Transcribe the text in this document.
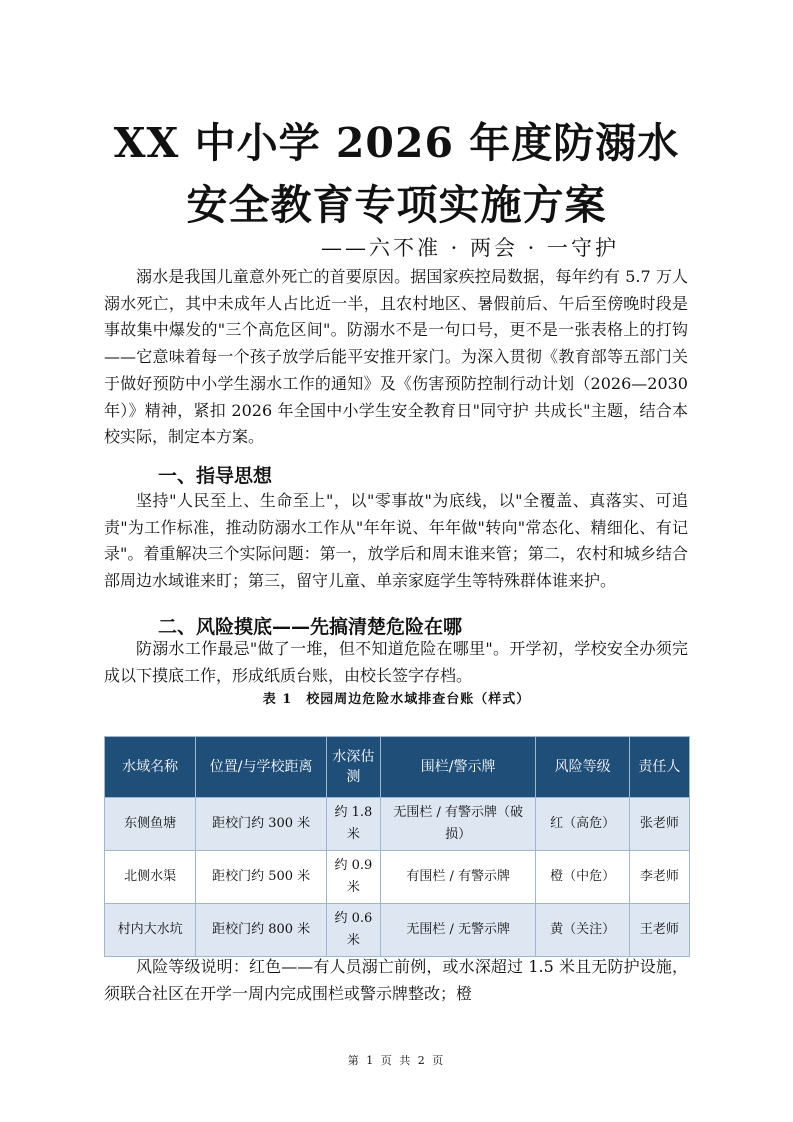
XX 中小学 2026 年度防溺水
安全教育专项实施方案
——六不准 · 两会 · 一守护

溺水是我国儿童意外死亡的首要原因。据国家疾控局数据，每年约有 5.7 万人溺水死亡，其中未成年人占比近一半，且农村地区、暑假前后、午后至傍晚时段是事故集中爆发的"三个高危区间"。防溺水不是一句口号，更不是一张表格上的打钩——它意味着每一个孩子放学后能平安推开家门。为深入贯彻《教育部等五部门关于做好预防中小学生溺水工作的通知》及《伤害预防控制行动计划（2026—2030年）》精神，紧扣 2026 年全国中小学生安全教育日"同守护 共成长"主题，结合本校实际，制定本方案。

一、指导思想

坚持"人民至上、生命至上"，以"零事故"为底线，以"全覆盖、真落实、可追责"为工作标准，推动防溺水工作从"年年说、年年做"转向"常态化、精细化、有记录"。着重解决三个实际问题：第一，放学后和周末谁来管；第二，农村和城乡结合部周边水域谁来盯；第三，留守儿童、单亲家庭学生等特殊群体谁来护。

二、风险摸底——先搞清楚危险在哪

防溺水工作最忌"做了一堆，但不知道危险在哪里"。开学初，学校安全办须完成以下摸底工作，形成纸质台账，由校长签字存档。

表 1　校园周边危险水域排查台账（样式）
水域名称	位置/与学校距离	水深估测	围栏/警示牌	风险等级	责任人
东侧鱼塘	距校门约 300 米	约 1.8 米	无围栏 / 有警示牌（破损）	红（高危）	张老师
北侧水渠	距校门约 500 米	约 0.9 米	有围栏 / 有警示牌	橙（中危）	李老师
村内大水坑	距校门约 800 米	约 0.6 米	无围栏 / 无警示牌	黄（关注）	王老师

风险等级说明：红色——有人员溺亡前例，或水深超过 1.5 米且无防护设施，须联合社区在开学一周内完成围栏或警示牌整改；橙

第 1 页 共 2 页
